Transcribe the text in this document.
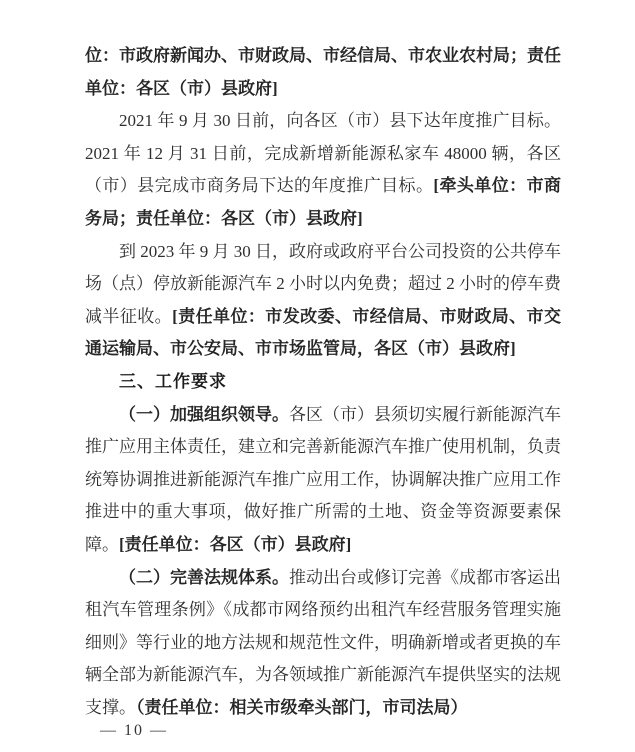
位：市政府新闻办、市财政局、市经信局、市农业农村局；责任单位：各区（市）县政府]

2021 年 9 月 30 日前，向各区（市）县下达年度推广目标。2021 年 12 月 31 日前，完成新增新能源私家车 48000 辆，各区（市）县完成市商务局下达的年度推广目标。[牵头单位：市商务局；责任单位：各区（市）县政府]

到 2023 年 9 月 30 日，政府或政府平台公司投资的公共停车场（点）停放新能源汽车 2 小时以内免费；超过 2 小时的停车费减半征收。[责任单位：市发改委、市经信局、市财政局、市交通运输局、市公安局、市市场监管局，各区（市）县政府]

三、工作要求

（一）加强组织领导。各区（市）县须切实履行新能源汽车推广应用主体责任，建立和完善新能源汽车推广使用机制，负责统筹协调推进新能源汽车推广应用工作，协调解决推广应用工作推进中的重大事项，做好推广所需的土地、资金等资源要素保障。[责任单位：各区（市）县政府]

（二）完善法规体系。推动出台或修订完善《成都市客运出租汽车管理条例》《成都市网络预约出租汽车经营服务管理实施细则》等行业的地方法规和规范性文件，明确新增或者更换的车辆全部为新能源汽车，为各领域推广新能源汽车提供坚实的法规支撑。（责任单位：相关市级牵头部门，市司法局）

— 10 —
